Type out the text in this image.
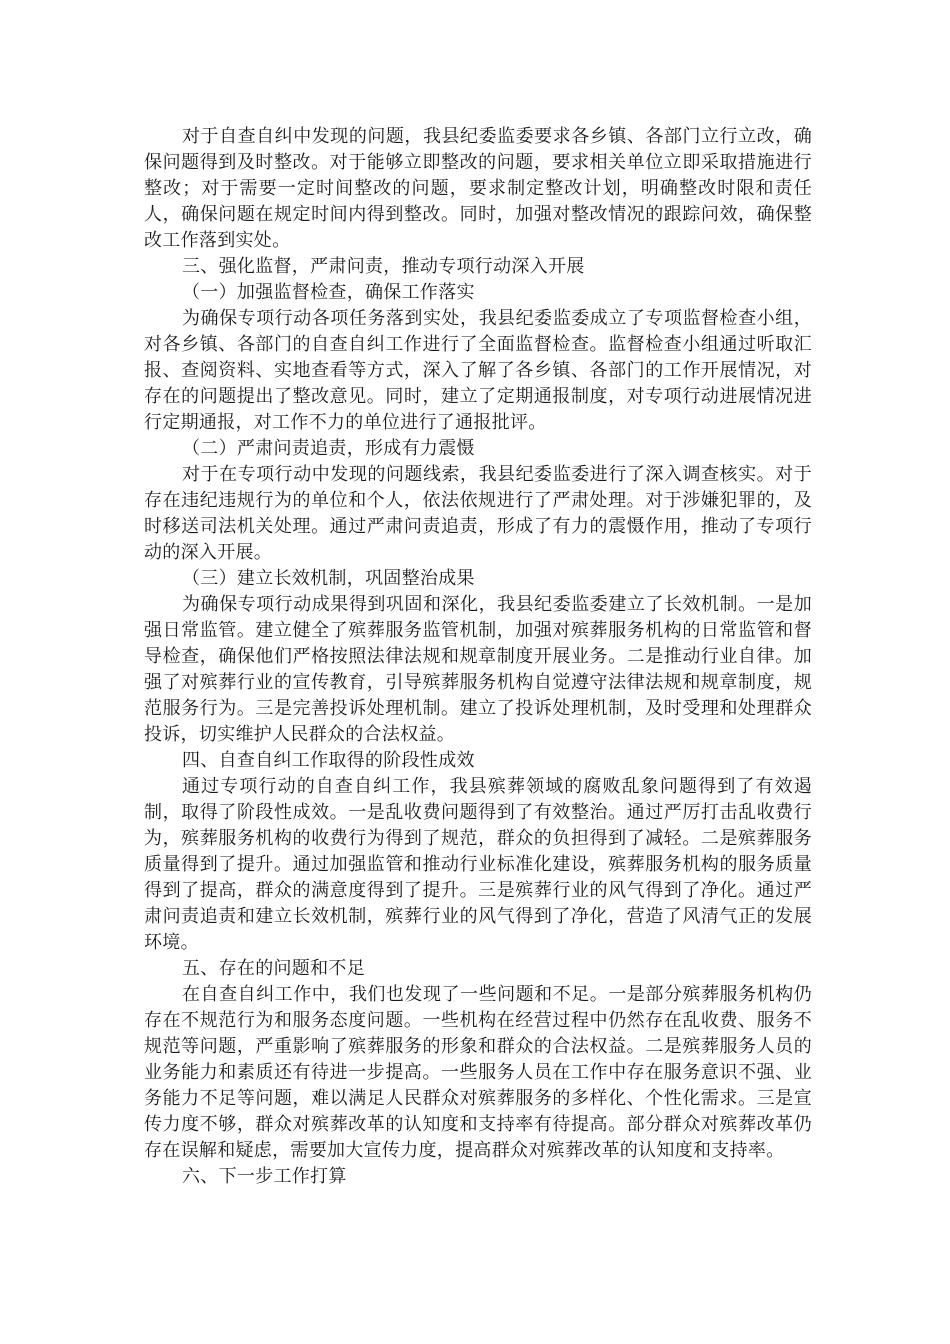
对于自查自纠中发现的问题，我县纪委监委要求各乡镇、各部门立行立改，确保问题得到及时整改。对于能够立即整改的问题，要求相关单位立即采取措施进行整改；对于需要一定时间整改的问题，要求制定整改计划，明确整改时限和责任人，确保问题在规定时间内得到整改。同时，加强对整改情况的跟踪问效，确保整改工作落到实处。

三、强化监督，严肃问责，推动专项行动深入开展

（一）加强监督检查，确保工作落实

为确保专项行动各项任务落到实处，我县纪委监委成立了专项监督检查小组，对各乡镇、各部门的自查自纠工作进行了全面监督检查。监督检查小组通过听取汇报、查阅资料、实地查看等方式，深入了解了各乡镇、各部门的工作开展情况，对存在的问题提出了整改意见。同时，建立了定期通报制度，对专项行动进展情况进行定期通报，对工作不力的单位进行了通报批评。

（二）严肃问责追责，形成有力震慑

对于在专项行动中发现的问题线索，我县纪委监委进行了深入调查核实。对于存在违纪违规行为的单位和个人，依法依规进行了严肃处理。对于涉嫌犯罪的，及时移送司法机关处理。通过严肃问责追责，形成了有力的震慑作用，推动了专项行动的深入开展。

（三）建立长效机制，巩固整治成果

为确保专项行动成果得到巩固和深化，我县纪委监委建立了长效机制。一是加强日常监管。建立健全了殡葬服务监管机制，加强对殡葬服务机构的日常监管和督导检查，确保他们严格按照法律法规和规章制度开展业务。二是推动行业自律。加强了对殡葬行业的宣传教育，引导殡葬服务机构自觉遵守法律法规和规章制度，规范服务行为。三是完善投诉处理机制。建立了投诉处理机制，及时受理和处理群众投诉，切实维护人民群众的合法权益。

四、自查自纠工作取得的阶段性成效

通过专项行动的自查自纠工作，我县殡葬领域的腐败乱象问题得到了有效遏制，取得了阶段性成效。一是乱收费问题得到了有效整治。通过严厉打击乱收费行为，殡葬服务机构的收费行为得到了规范，群众的负担得到了减轻。二是殡葬服务质量得到了提升。通过加强监管和推动行业标准化建设，殡葬服务机构的服务质量得到了提高，群众的满意度得到了提升。三是殡葬行业的风气得到了净化。通过严肃问责追责和建立长效机制，殡葬行业的风气得到了净化，营造了风清气正的发展环境。

五、存在的问题和不足

在自查自纠工作中，我们也发现了一些问题和不足。一是部分殡葬服务机构仍存在不规范行为和服务态度问题。一些机构在经营过程中仍然存在乱收费、服务不规范等问题，严重影响了殡葬服务的形象和群众的合法权益。二是殡葬服务人员的业务能力和素质还有待进一步提高。一些服务人员在工作中存在服务意识不强、业务能力不足等问题，难以满足人民群众对殡葬服务的多样化、个性化需求。三是宣传力度不够，群众对殡葬改革的认知度和支持率有待提高。部分群众对殡葬改革仍存在误解和疑虑，需要加大宣传力度，提高群众对殡葬改革的认知度和支持率。

六、下一步工作打算
